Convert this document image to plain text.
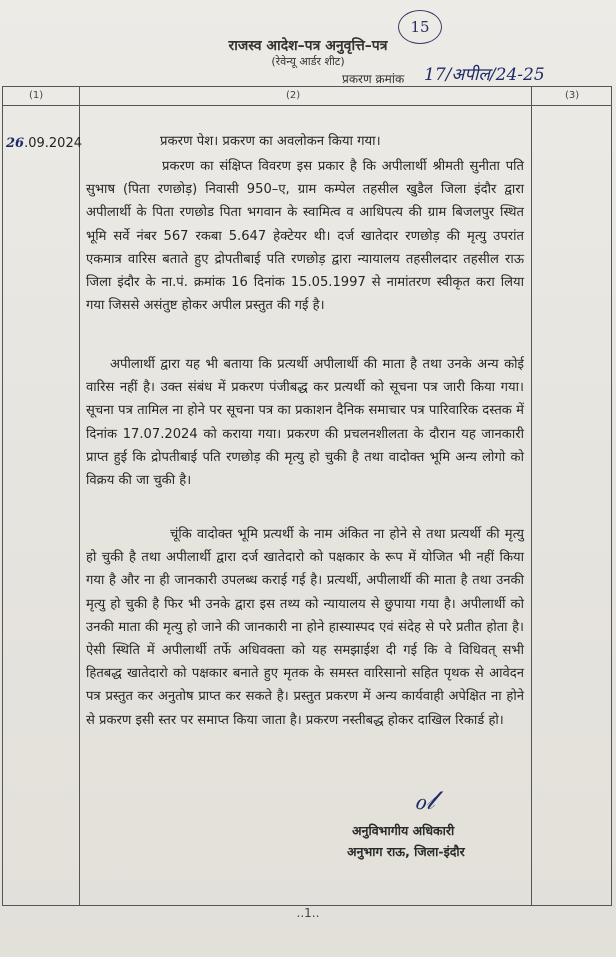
15
राजस्व आदेश–पत्र अनुवृत्ति–पत्र
(रेवेन्यू आर्डर शीट)
प्रकरण क्रमांक 17/अपील/24-25
(1)	(2)	(3)
26.09.2024	प्रकरण पेश। प्रकरण का अवलोकन किया गया।

प्रकरण का संक्षिप्त विवरण इस प्रकार है कि अपीलार्थी श्रीमती सुनीता पति सुभाष (पिता रणछोड़) निवासी 950–ए, ग्राम कम्पेल तहसील खुडैल जिला इंदौर द्वारा अपीलार्थी के पिता रणछोड पिता भगवान के स्वामित्व व आधिपत्य की ग्राम बिजलपुर स्थित भूमि सर्वे नंबर 567 रकबा 5.647 हेक्टेयर थी। दर्ज खातेदार रणछोड़ की मृत्यु उपरांत एकमात्र वारिस बताते हुए द्रोपतीबाई पति रणछोड़ द्वारा न्यायालय तहसीलदार तहसील राऊ जिला इंदौर के ना.पं. क्रमांक 16 दिनांक 15.05.1997 से नामांतरण स्वीकृत करा लिया गया जिससे असंतुष्ट होकर अपील प्रस्तुत की गई है।

अपीलार्थी द्वारा यह भी बताया कि प्रत्यर्थी अपीलार्थी की माता है तथा उनके अन्य कोई वारिस नहीं है। उक्त संबंध में प्रकरण पंजीबद्ध कर प्रत्यर्थी को सूचना पत्र जारी किया गया। सूचना पत्र तामिल ना होने पर सूचना पत्र का प्रकाशन दैनिक समाचार पत्र पारिवारिक दस्तक में दिनांक 17.07.2024 को कराया गया। प्रकरण की प्रचलनशीलता के दौरान यह जानकारी प्राप्त हुई कि द्रोपतीबाई पति रणछोड़ की मृत्यु हो चुकी है तथा वादोक्त भूमि अन्य लोगो को विक्रय की जा चुकी है।

चूंकि वादोक्त भूमि प्रत्यर्थी के नाम अंकित ना होने से तथा प्रत्यर्थी की मृत्यु हो चुकी है तथा अपीलार्थी द्वारा दर्ज खातेदारो को पक्षकार के रूप में योजित भी नहीं किया गया है और ना ही जानकारी उपलब्ध कराई गई है। प्रत्यर्थी, अपीलार्थी की माता है तथा उनकी मृत्यु हो चुकी है फिर भी उनके द्वारा इस तथ्य को न्यायालय से छुपाया गया है। अपीलार्थी को उनकी माता की मृत्यु हो जाने की जानकारी ना होने हास्यास्पद एवं संदेह से परे प्रतीत होता है। ऐसी स्थिति में अपीलार्थी तर्फे अधिवक्ता को यह समझाईश दी गई कि वे विधिवत् सभी हितबद्ध खातेदारो को पक्षकार बनाते हुए मृतक के समस्त वारिसानो सहित पृथक से आवेदन पत्र प्रस्तुत कर अनुतोष प्राप्त कर सकते है। प्रस्तुत प्रकरण में अन्य कार्यवाही अपेक्षित ना होने से प्रकरण इसी स्तर पर समाप्त किया जाता है। प्रकरण नस्तीबद्ध होकर दाखिल रिकार्ड हो।

ℴ𝓁
अनुविभागीय अधिकारी
अनुभाग राऊ, जिला-इंदौर
..1..
